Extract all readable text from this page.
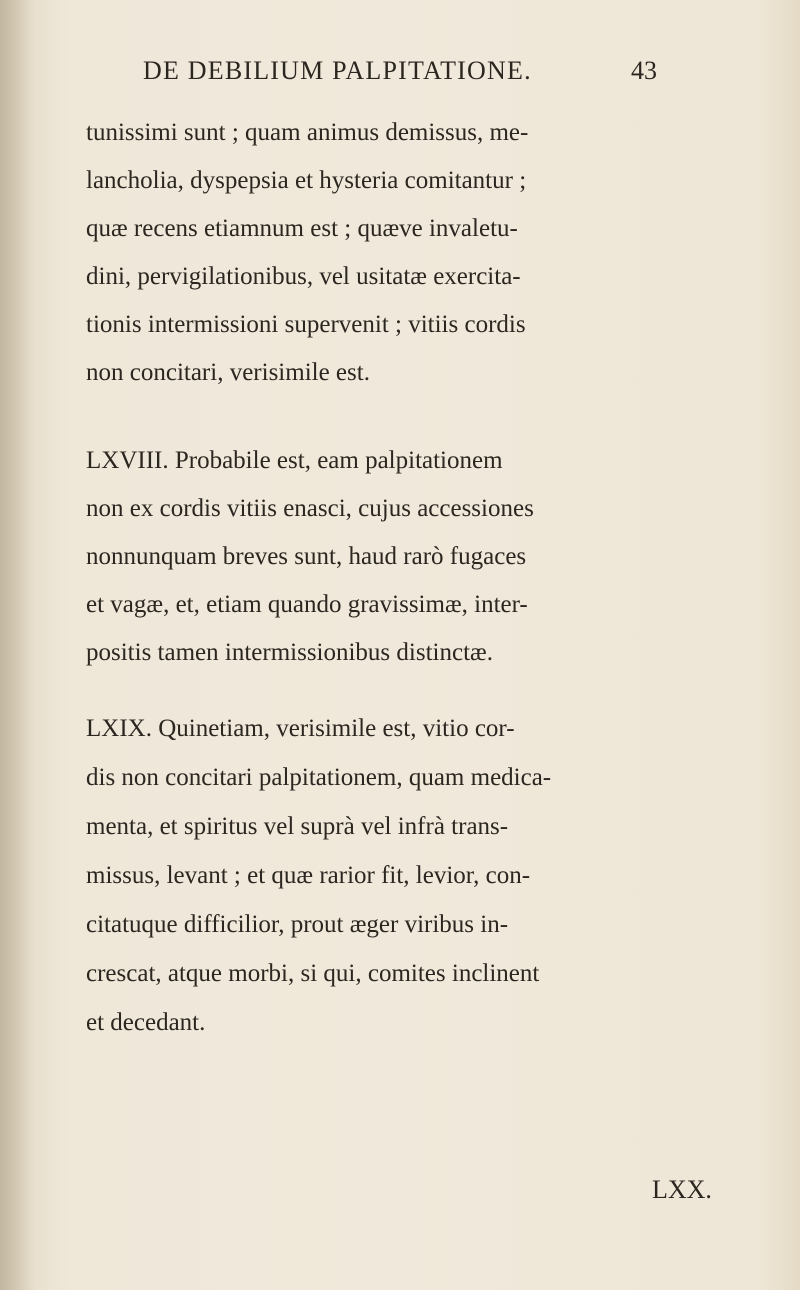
DE DEBILIUM PALPITATIONE.	43
tunissimi sunt ; quam animus demissus, me-
lancholia, dyspepsia et hysteria comitantur ;
quæ recens etiamnum est ; quæve invaletu-
dini, pervigilationibus, vel usitatæ exercita-
tionis intermissioni supervenit ; vitiis cordis
non concitari, verisimile est.
LXVIII. Probabile est, eam palpitationem
non ex cordis vitiis enasci, cujus accessiones
nonnunquam breves sunt, haud rarò fugaces
et vagæ, et, etiam quando gravissimæ, inter-
positis tamen intermissionibus distinctæ.
LXIX. Quinetiam, verisimile est, vitio cor-
dis non concitari palpitationem, quam medica-
menta, et spiritus vel suprà vel infrà trans-
missus, levant ; et quæ rarior fit, levior, con-
citatuque difficilior, prout æger viribus in-
crescat, atque morbi, si qui, comites inclinent
et decedant.
LXX.
